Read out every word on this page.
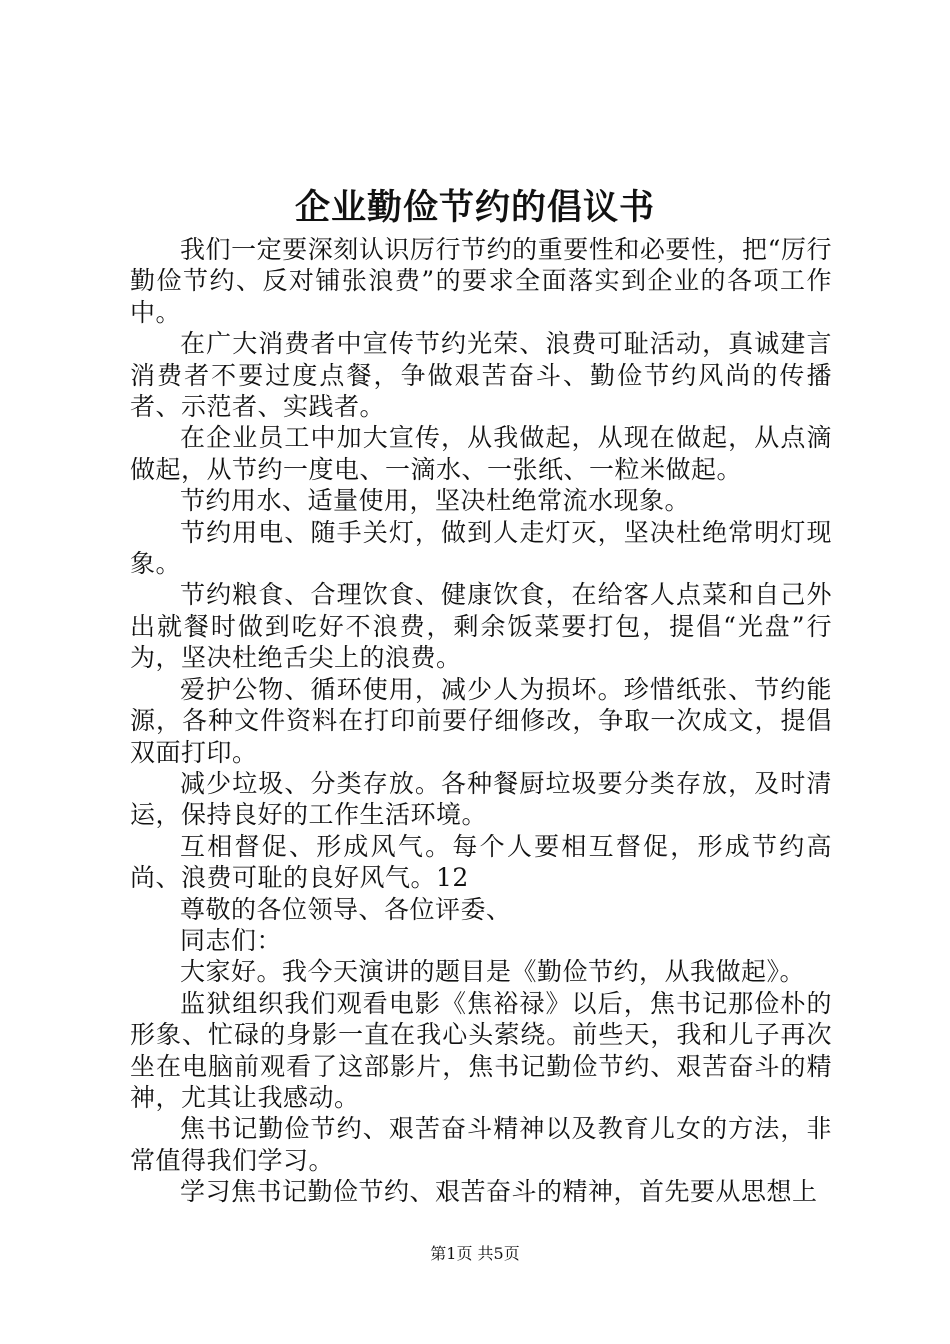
企业勤俭节约的倡议书

我们一定要深刻认识厉行节约的重要性和必要性，把“厉行勤俭节约、反对铺张浪费”的要求全面落实到企业的各项工作中。

在广大消费者中宣传节约光荣、浪费可耻活动，真诚建言消费者不要过度点餐，争做艰苦奋斗、勤俭节约风尚的传播者、示范者、实践者。

在企业员工中加大宣传，从我做起，从现在做起，从点滴做起，从节约一度电、一滴水、一张纸、一粒米做起。

节约用水、适量使用，坚决杜绝常流水现象。

节约用电、随手关灯，做到人走灯灭，坚决杜绝常明灯现象。

节约粮食、合理饮食、健康饮食，在给客人点菜和自己外出就餐时做到吃好不浪费，剩余饭菜要打包，提倡“光盘”行为，坚决杜绝舌尖上的浪费。

爱护公物、循环使用，减少人为损坏。珍惜纸张、节约能源，各种文件资料在打印前要仔细修改，争取一次成文，提倡双面打印。

减少垃圾、分类存放。各种餐厨垃圾要分类存放，及时清运，保持良好的工作生活环境。

互相督促、形成风气。每个人要相互督促，形成节约高尚、浪费可耻的良好风气。12

尊敬的各位领导、各位评委、

同志们：

大家好。我今天演讲的题目是《勤俭节约，从我做起》。

监狱组织我们观看电影《焦裕禄》以后，焦书记那俭朴的形象、忙碌的身影一直在我心头萦绕。前些天，我和儿子再次坐在电脑前观看了这部影片，焦书记勤俭节约、艰苦奋斗的精神，尤其让我感动。

焦书记勤俭节约、艰苦奋斗精神以及教育儿女的方法，非常值得我们学习。

学习焦书记勤俭节约、艰苦奋斗的精神，首先要从思想上

第1页 共5页
